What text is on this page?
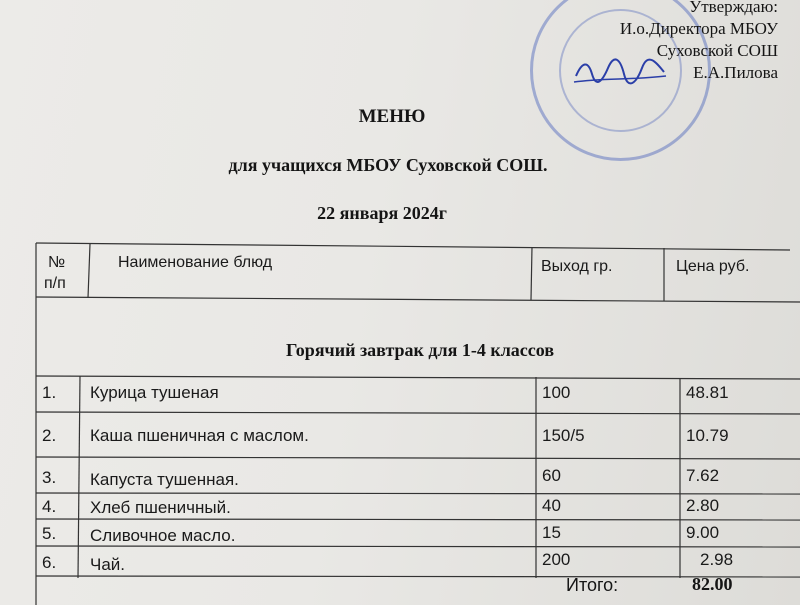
Утверждаю:
И.о.Директора МБОУ
Суховской СОШ
Е.А.Пилова
МЕНЮ
для учащихся МБОУ Суховской СОШ.
22 января 2024г
№
п/п
Наименование блюд	Выход гр.	Цена руб.
Горячий завтрак для 1-4 классов
1. Курица тушеная	100	48.81
2. Каша пшеничная с маслом.	150/5	10.79
3. Капуста тушенная.	60	7.62
4. Хлеб пшеничный.	40	2.80
5. Сливочное масло.	15	9.00
6. Чай.	200	2.98
Итого:	82.00
